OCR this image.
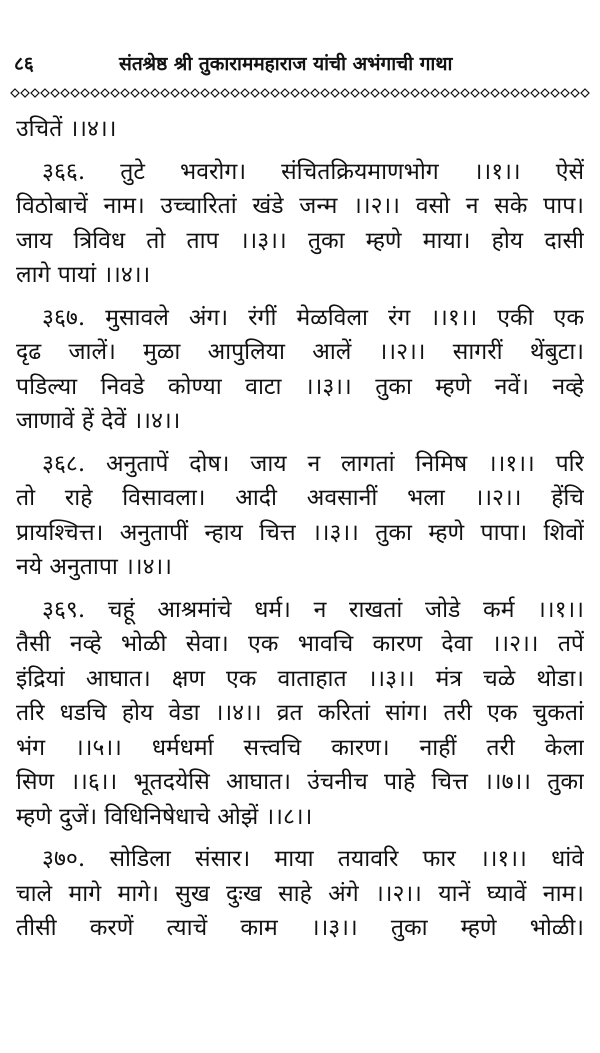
८६	संतश्रेष्ठ श्री तुकाराममहाराज यांची अभंगाची गाथा
उचितें ।।४।।
३६६. तुटे भवरोग। संचितक्रियमाणभोग ।।१।। ऐसें
विठोबाचें नाम। उच्चारितां खंडे जन्म ।।२।। वसो न सके पाप।
जाय त्रिविध तो ताप ।।३।। तुका म्हणे माया। होय दासी
लागे पायां ।।४।।
३६७. मुसावले अंग। रंगीं मेळविला रंग ।।१।। एकी एक
दृढ जालें। मुळा आपुलिया आलें ।।२।। सागरीं थेंबुटा।
पडिल्या निवडे कोण्या वाटा ।।३।। तुका म्हणे नवें। नव्हे
जाणावें हें देवें ।।४।।
३६८. अनुतापें दोष। जाय न लागतां निमिष ।।१।। परि
तो राहे विसावला। आदी अवसानीं भला ।।२।। हेंचि
प्रायश्चित्त। अनुतापीं न्हाय चित्त ।।३।। तुका म्हणे पापा। शिवों
नये अनुतापा ।।४।।
३६९. चहूं आश्रमांचे धर्म। न राखतां जोडे कर्म ।।१।।
तैसी नव्हे भोळी सेवा। एक भावचि कारण देवा ।।२।। तपें
इंद्रियां आघात। क्षण एक वाताहात ।।३।। मंत्र चळे थोडा।
तरि धडचि होय वेडा ।।४।। व्रत करितां सांग। तरी एक चुकतां
भंग ।।५।। धर्मधर्मा सत्त्वचि कारण। नाहीं तरी केला
सिण ।।६।। भूतदयेसि आघात। उंचनीच पाहे चित्त ।।७।। तुका
म्हणे दुजें। विधिनिषेधाचे ओझें ।।८।।
३७०. सोडिला संसार। माया तयावरि फार ।।१।। धांवे
चाले मागे मागे। सुख दुःख साहे अंगे ।।२।। यानें घ्यावें नाम।
तीसी करणें त्याचें काम ।।३।। तुका म्हणे भोळी।
